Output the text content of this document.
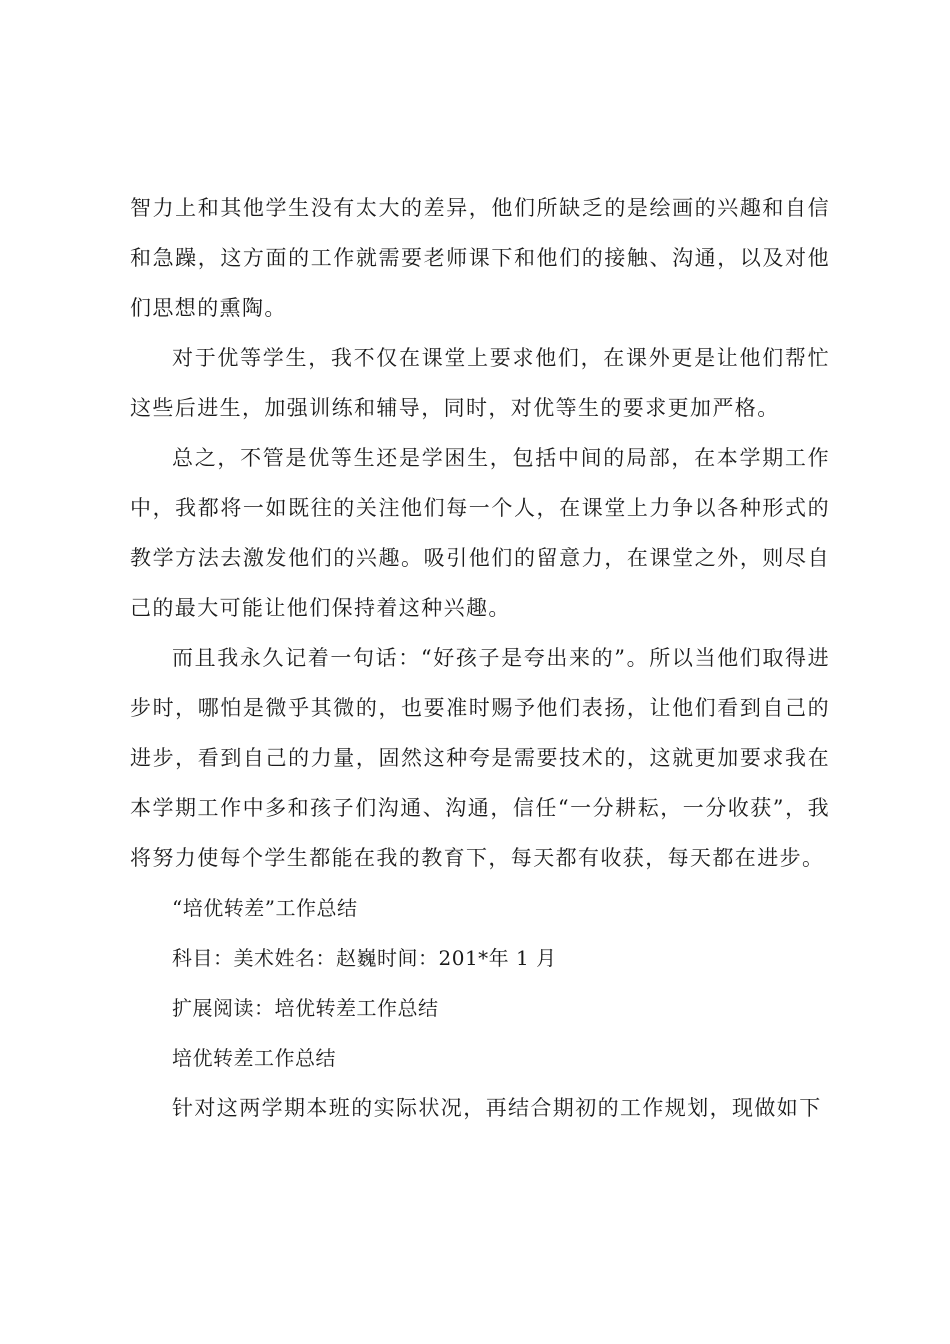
智力上和其他学生没有太大的差异，他们所缺乏的是绘画的兴趣和自信和急躁，这方面的工作就需要老师课下和他们的接触、沟通，以及对他们思想的熏陶。

对于优等学生，我不仅在课堂上要求他们，在课外更是让他们帮忙这些后进生，加强训练和辅导，同时，对优等生的要求更加严格。

总之，不管是优等生还是学困生，包括中间的局部，在本学期工作中，我都将一如既往的关注他们每一个人，在课堂上力争以各种形式的教学方法去激发他们的兴趣。吸引他们的留意力，在课堂之外，则尽自己的最大可能让他们保持着这种兴趣。

而且我永久记着一句话：“好孩子是夸出来的”。所以当他们取得进步时，哪怕是微乎其微的，也要准时赐予他们表扬，让他们看到自己的进步，看到自己的力量，固然这种夸是需要技术的，这就更加要求我在本学期工作中多和孩子们沟通、沟通，信任“一分耕耘，一分收获”，我将努力使每个学生都能在我的教育下，每天都有收获，每天都在进步。

“培优转差”工作总结

科目：美术姓名：赵巍时间：201*年 1 月

扩展阅读：培优转差工作总结

培优转差工作总结

针对这两学期本班的实际状况，再结合期初的工作规划，现做如下
